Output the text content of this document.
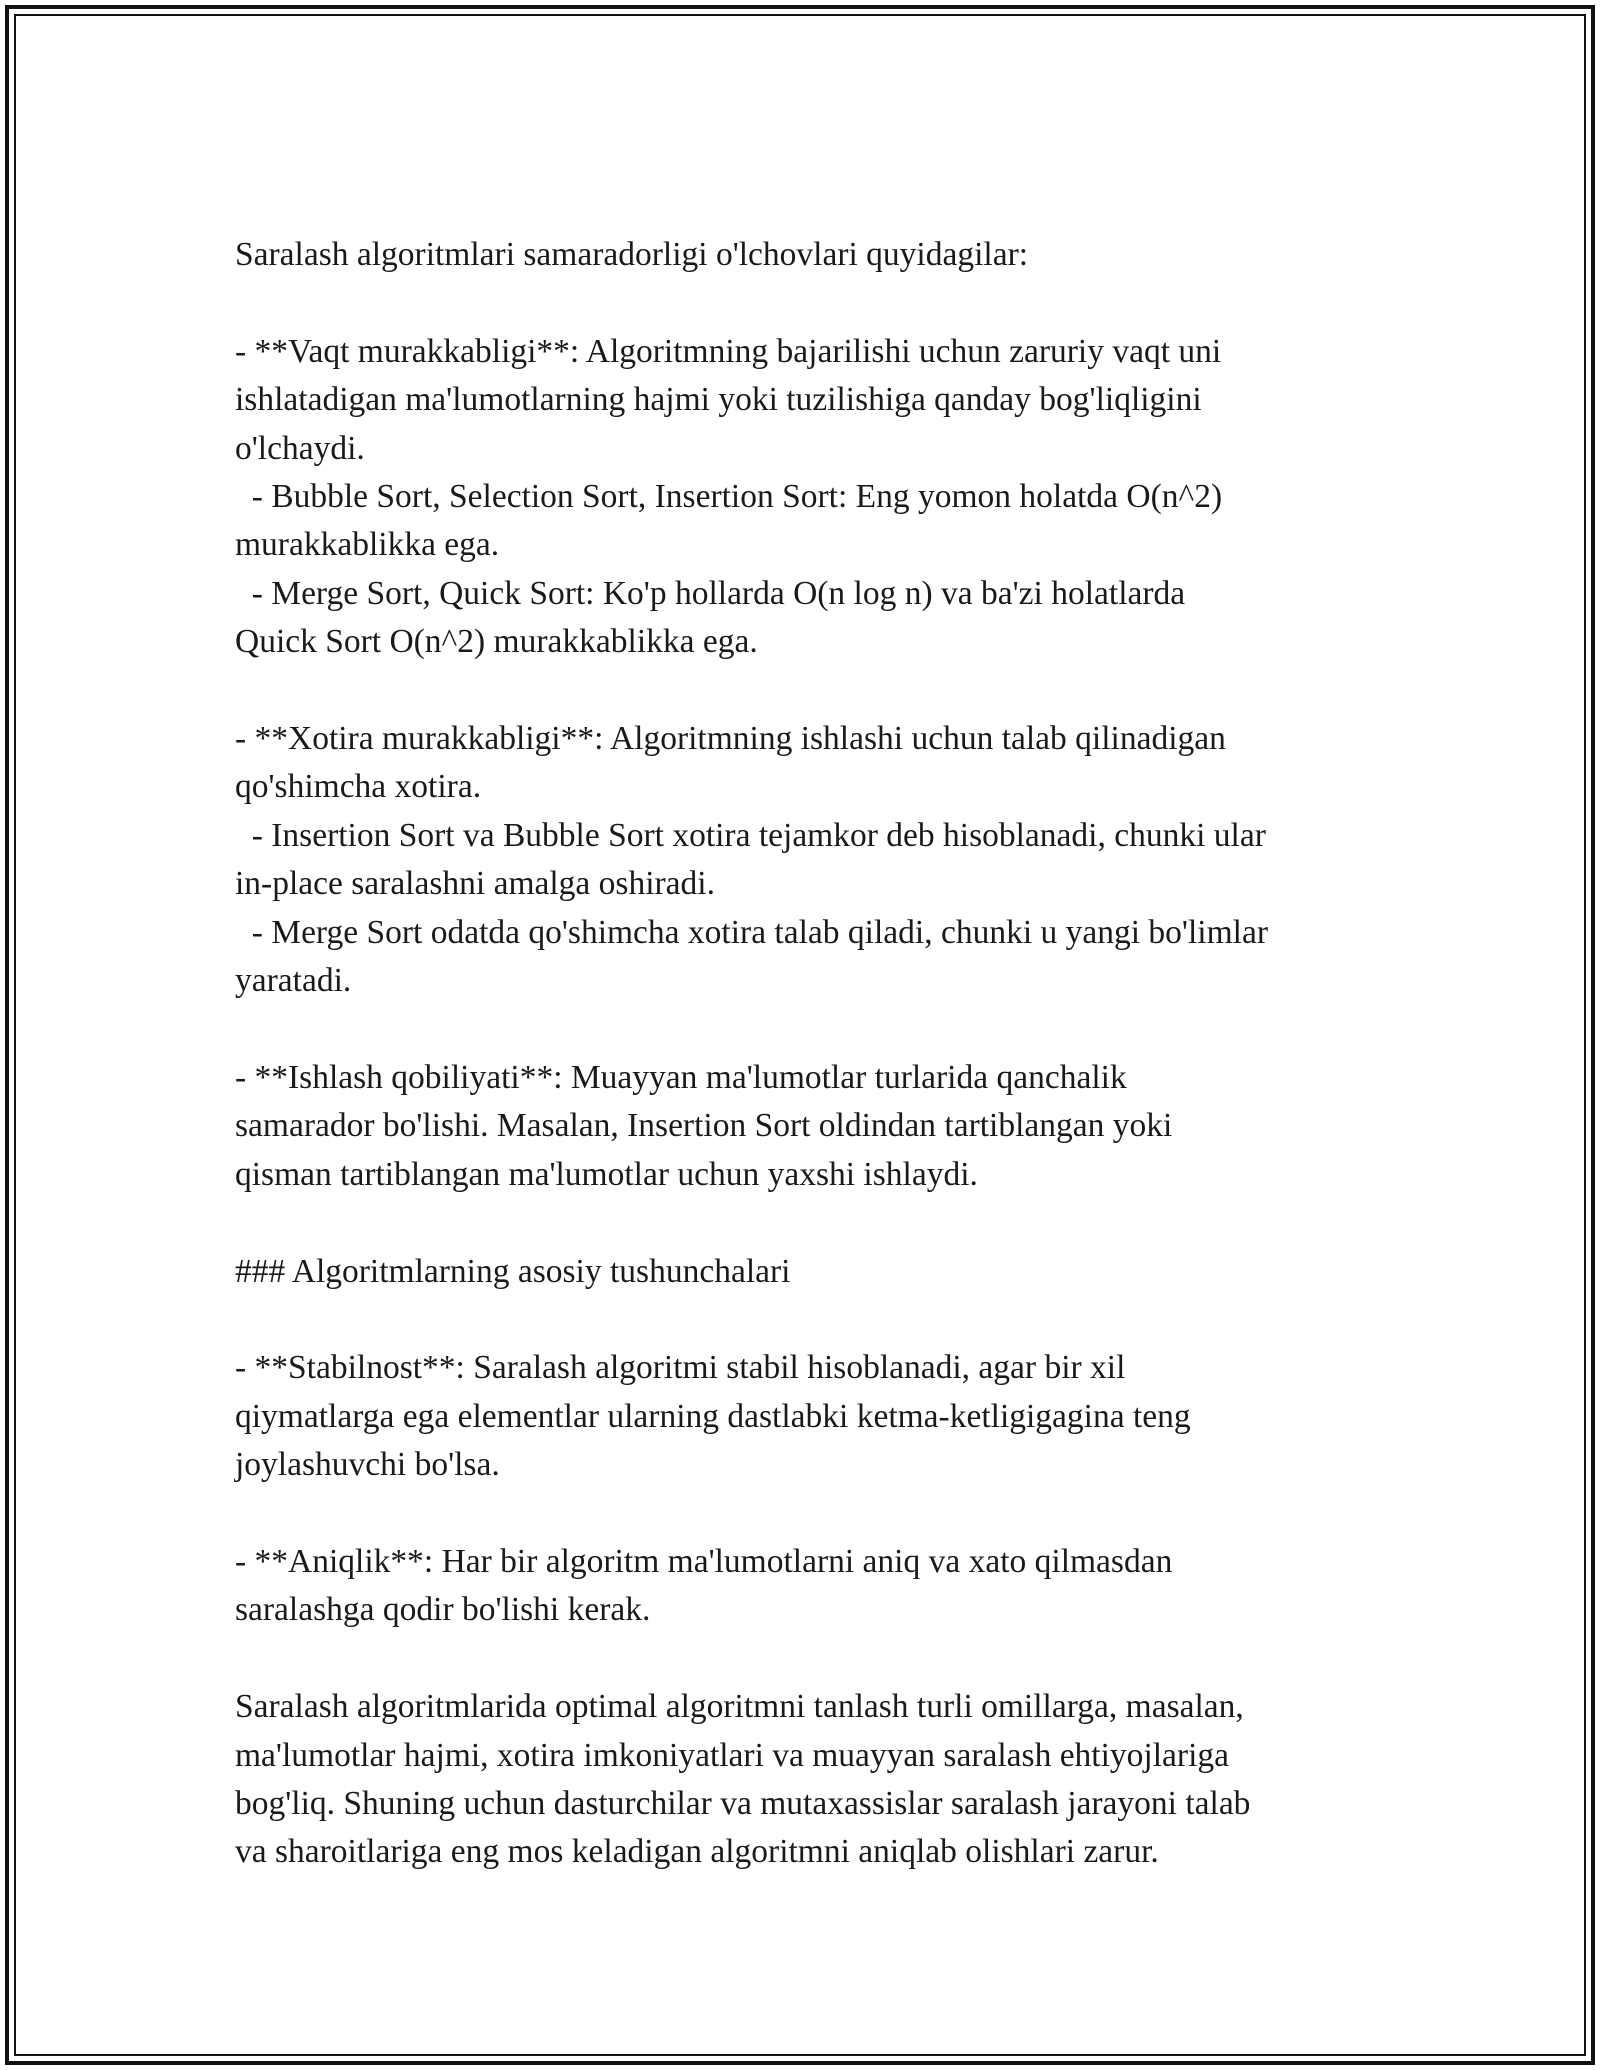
Saralash algoritmlari samaradorligi o'lchovlari quyidagilar:

- **Vaqt murakkabligi**: Algoritmning bajarilishi uchun zaruriy vaqt uni
ishlatadigan ma'lumotlarning hajmi yoki tuzilishiga qanday bog'liqligini
o'lchaydi.
- Bubble Sort, Selection Sort, Insertion Sort: Eng yomon holatda O(n^2)
murakkablikka ega.
- Merge Sort, Quick Sort: Ko'p hollarda O(n log n) va ba'zi holatlarda
Quick Sort O(n^2) murakkablikka ega.

- **Xotira murakkabligi**: Algoritmning ishlashi uchun talab qilinadigan
qo'shimcha xotira.
- Insertion Sort va Bubble Sort xotira tejamkor deb hisoblanadi, chunki ular
in-place saralashni amalga oshiradi.
- Merge Sort odatda qo'shimcha xotira talab qiladi, chunki u yangi bo'limlar
yaratadi.

- **Ishlash qobiliyati**: Muayyan ma'lumotlar turlarida qanchalik
samarador bo'lishi. Masalan, Insertion Sort oldindan tartiblangan yoki
qisman tartiblangan ma'lumotlar uchun yaxshi ishlaydi.

### Algoritmlarning asosiy tushunchalari

- **Stabilnost**: Saralash algoritmi stabil hisoblanadi, agar bir xil
qiymatlarga ega elementlar ularning dastlabki ketma-ketligigagina teng
joylashuvchi bo'lsa.

- **Aniqlik**: Har bir algoritm ma'lumotlarni aniq va xato qilmasdan
saralashga qodir bo'lishi kerak.

Saralash algoritmlarida optimal algoritmni tanlash turli omillarga, masalan,
ma'lumotlar hajmi, xotira imkoniyatlari va muayyan saralash ehtiyojlariga
bog'liq. Shuning uchun dasturchilar va mutaxassislar saralash jarayoni talab
va sharoitlariga eng mos keladigan algoritmni aniqlab olishlari zarur.
